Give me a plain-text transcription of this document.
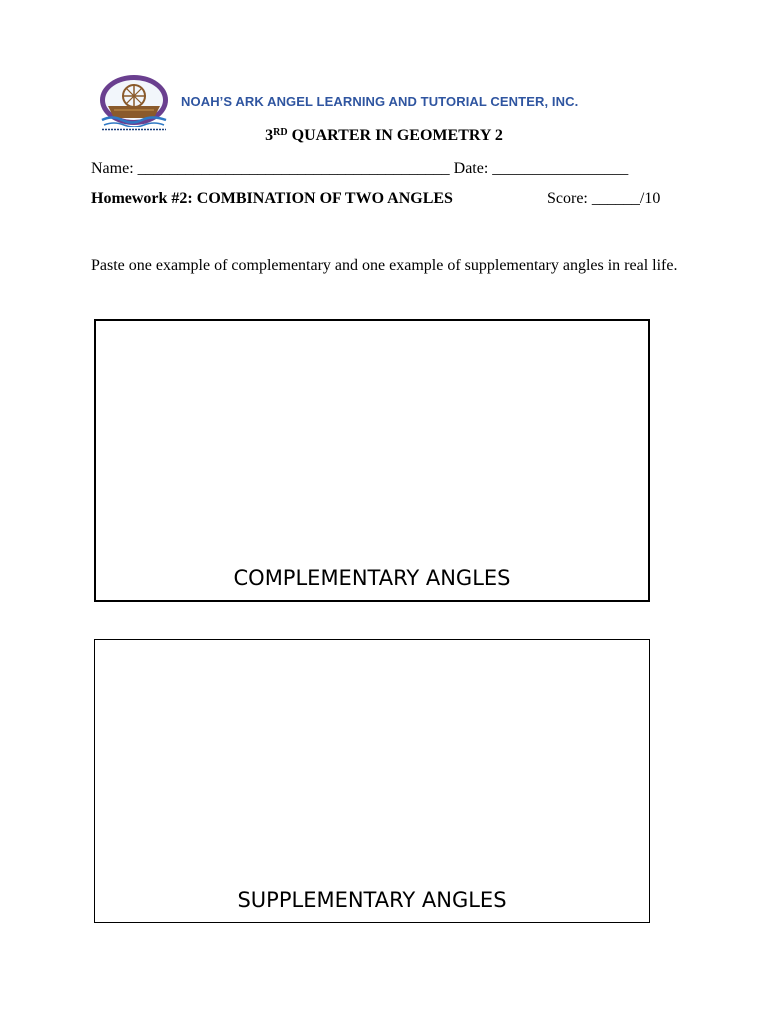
NOAH’S ARK ANGEL LEARNING AND TUTORIAL CENTER, INC.
3RD QUARTER IN GEOMETRY 2
Name: _______________________________________ Date: _________________
Homework #2: COMBINATION OF TWO ANGLES	Score: ______/10
Paste one example of complementary and one example of supplementary angles in real life.
COMPLEMENTARY ANGLES
SUPPLEMENTARY ANGLES
